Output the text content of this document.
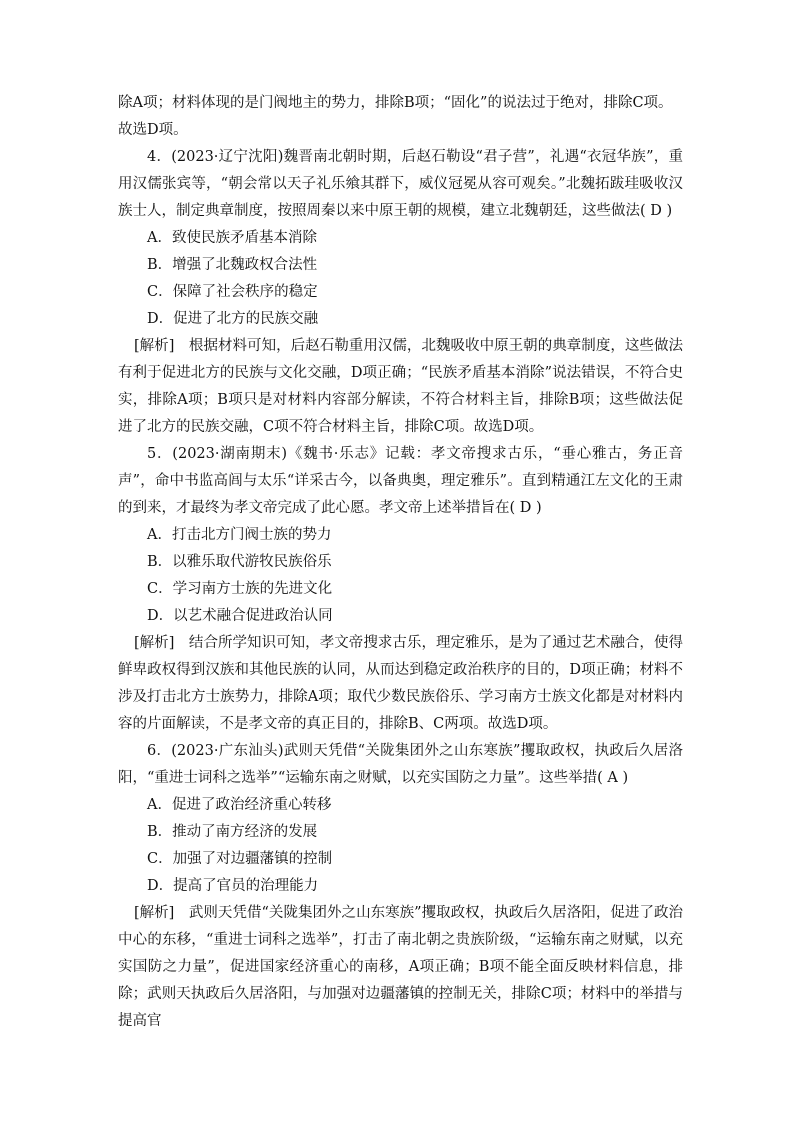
除A项；材料体现的是门阀地主的势力，排除B项；“固化”的说法过于绝对，排除C项。
故选D项。

4．(2023·辽宁沈阳)魏晋南北朝时期，后赵石勒设“君子营”，礼遇“衣冠华族”，重用汉儒张宾等，“朝会常以天子礼乐飨其群下，威仪冠冕从容可观矣。”北魏拓跋珪吸收汉族士人，制定典章制度，按照周秦以来中原王朝的规模，建立北魏朝廷，这些做法( D )

A．致使民族矛盾基本消除

B．增强了北魏政权合法性

C．保障了社会秩序的稳定

D．促进了北方的民族交融

[解析]　根据材料可知，后赵石勒重用汉儒，北魏吸收中原王朝的典章制度，这些做法有利于促进北方的民族与文化交融，D项正确；“民族矛盾基本消除”说法错误，不符合史实，排除A项；B项只是对材料内容部分解读，不符合材料主旨，排除B项；这些做法促进了北方的民族交融，C项不符合材料主旨，排除C项。故选D项。

5．(2023·湖南期末)《魏书·乐志》记载：孝文帝搜求古乐，“垂心雅古，务正音声”，命中书监高闾与太乐“详采古今，以备典奥，理定雅乐”。直到精通江左文化的王肃的到来，才最终为孝文帝完成了此心愿。孝文帝上述举措旨在( D )

A．打击北方门阀士族的势力

B．以雅乐取代游牧民族俗乐

C．学习南方士族的先进文化

D．以艺术融合促进政治认同

[解析]　结合所学知识可知，孝文帝搜求古乐，理定雅乐，是为了通过艺术融合，使得鲜卑政权得到汉族和其他民族的认同，从而达到稳定政治秩序的目的，D项正确；材料不涉及打击北方士族势力，排除A项；取代少数民族俗乐、学习南方士族文化都是对材料内容的片面解读，不是孝文帝的真正目的，排除B、C两项。故选D项。

6．(2023·广东汕头)武则天凭借“关陇集团外之山东寒族”攫取政权，执政后久居洛阳，“重进士词科之选举”“运输东南之财赋，以充实国防之力量”。这些举措( A )

A．促进了政治经济重心转移

B．推动了南方经济的发展

C．加强了对边疆藩镇的控制

D．提高了官员的治理能力

[解析]　武则天凭借“关陇集团外之山东寒族”攫取政权，执政后久居洛阳，促进了政治中心的东移，“重进士词科之选举”，打击了南北朝之贵族阶级，“运输东南之财赋，以充实国防之力量”，促进国家经济重心的南移，A项正确；B项不能全面反映材料信息，排除；武则天执政后久居洛阳，与加强对边疆藩镇的控制无关，排除C项；材料中的举措与提高官
